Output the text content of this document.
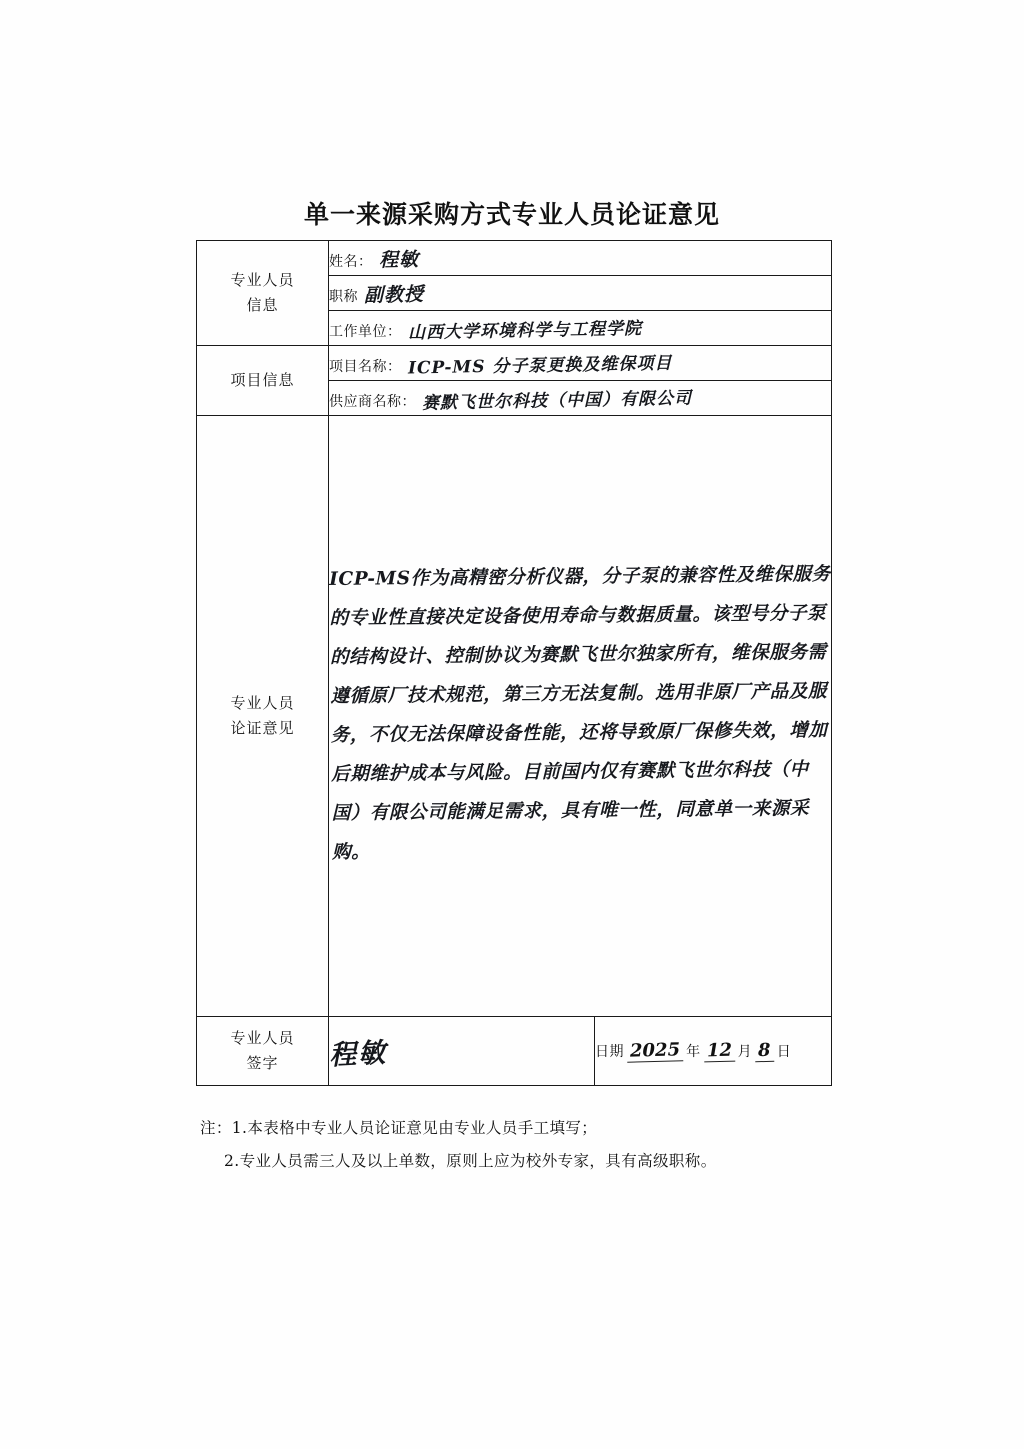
单一来源采购方式专业人员论证意见
专业人员
信息

姓名： 程敏

	职称 副教授	

	工作单位： 山西大学环境科学与工程学院	

项目信息	项目名称： ICP-MS 分子泵更换及维保项目	

	供应商名称： 赛默飞世尔科技（中国）有限公司	

专业人员
论证意见	ICP-MS作为高精密分析仪器，分子泵的兼容性及维保服务的专业性直接决定设备使用寿命与数据质量。该型号分子泵的结构设计、控制协议为赛默飞世尔独家所有，维保服务需遵循原厂技术规范，第三方无法复制。选用非原厂产品及服务，不仅无法保障设备性能，还将导致原厂保修失效，增加后期维护成本与风险。目前国内仅有赛默飞世尔科技（中国）有限公司能满足需求，具有唯一性，同意单一来源采购。	

专业人员
签字	程敏	日期 2025 年 12 月 8 日
注：1.本表格中专业人员论证意见由专业人员手工填写；
2.专业人员需三人及以上单数，原则上应为校外专家，具有高级职称。
